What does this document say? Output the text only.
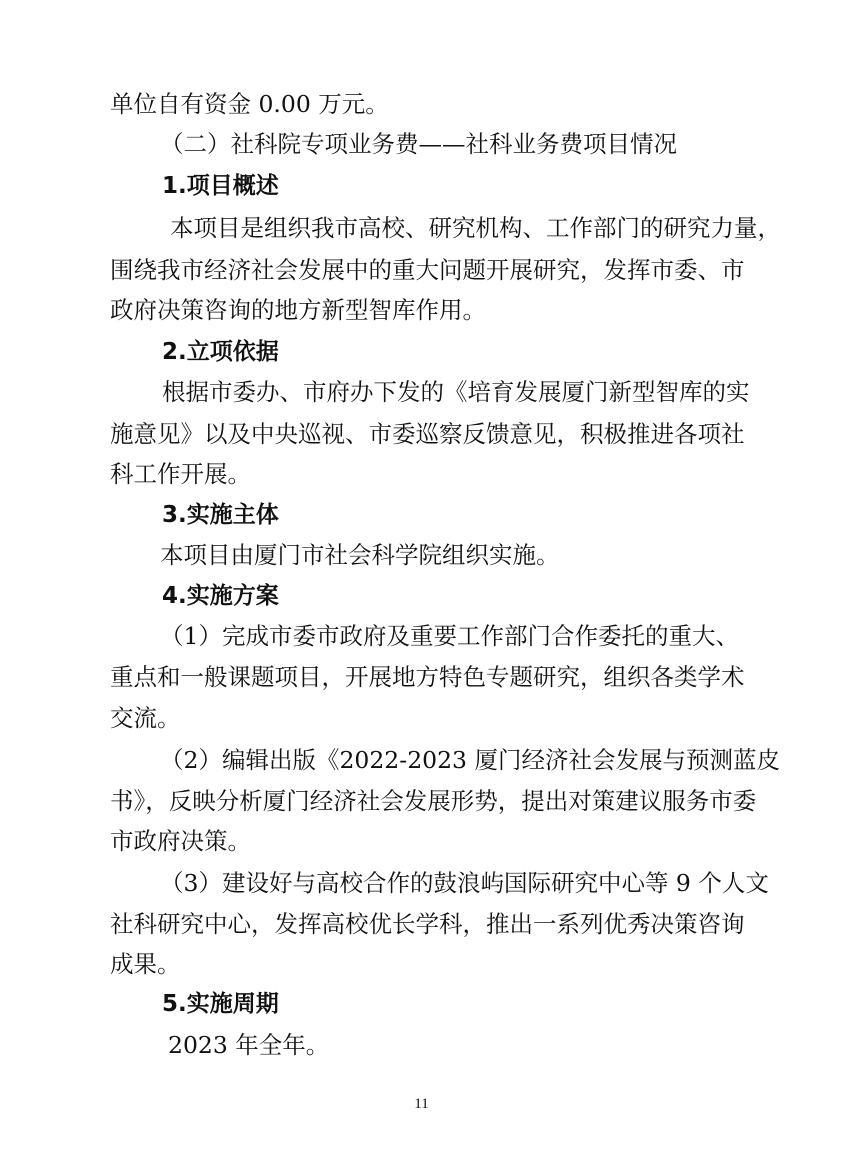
单位自有资金 0.00 万元。
（二）社科院专项业务费——社科业务费项目情况
1.项目概述
本项目是组织我市高校、研究机构、工作部门的研究力量，
围绕我市经济社会发展中的重大问题开展研究，发挥市委、市
政府决策咨询的地方新型智库作用。
2.立项依据
根据市委办、市府办下发的《培育发展厦门新型智库的实
施意见》以及中央巡视、市委巡察反馈意见，积极推进各项社
科工作开展。
3.实施主体
本项目由厦门市社会科学院组织实施。
4.实施方案
（1）完成市委市政府及重要工作部门合作委托的重大、
重点和一般课题项目，开展地方特色专题研究，组织各类学术
交流。
（2）编辑出版《2022-2023 厦门经济社会发展与预测蓝皮
书》，反映分析厦门经济社会发展形势，提出对策建议服务市委
市政府决策。
（3）建设好与高校合作的鼓浪屿国际研究中心等 9 个人文
社科研究中心，发挥高校优长学科，推出一系列优秀决策咨询
成果。
5.实施周期
2023 年全年。
11
